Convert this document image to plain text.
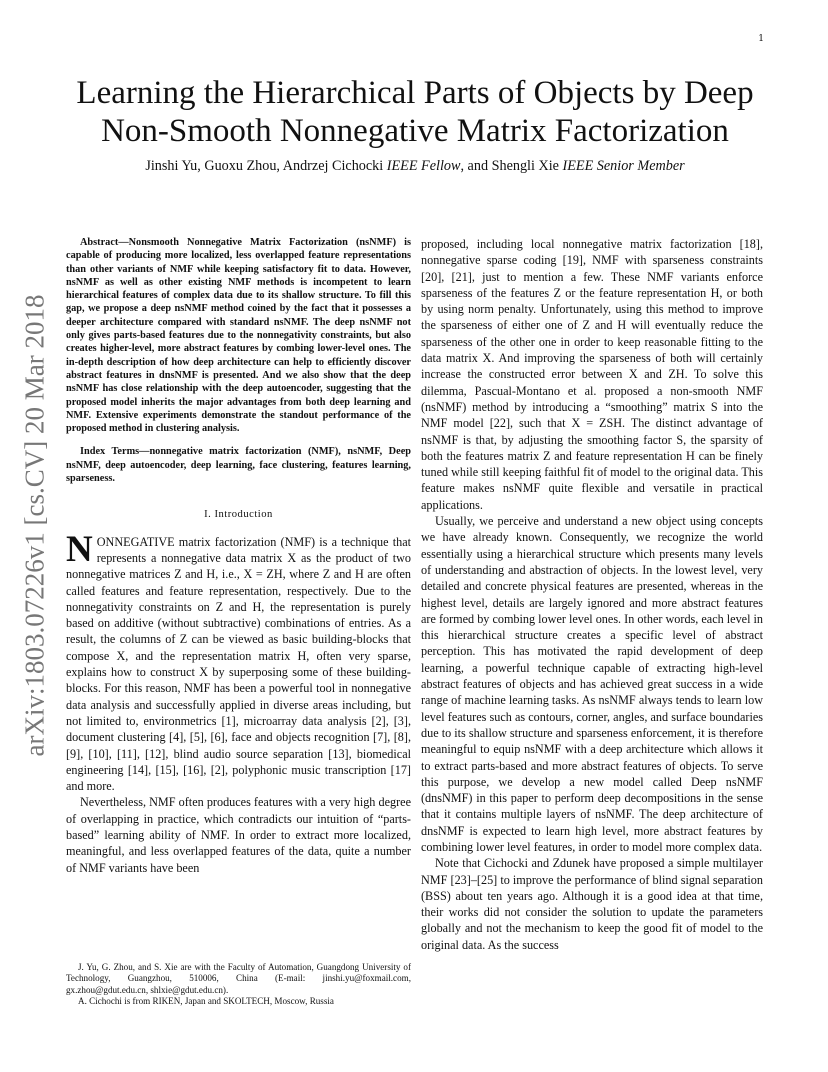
1
arXiv:1803.07226v1 [cs.CV] 20 Mar 2018
Learning the Hierarchical Parts of Objects by Deep Non-Smooth Nonnegative Matrix Factorization
Jinshi Yu, Guoxu Zhou, Andrzej Cichocki IEEE Fellow, and Shengli Xie IEEE Senior Member
Abstract—Nonsmooth Nonnegative Matrix Factorization (nsNMF) is capable of producing more localized, less overlapped feature representations than other variants of NMF while keeping satisfactory fit to data. However, nsNMF as well as other existing NMF methods is incompetent to learn hierarchical features of complex data due to its shallow structure. To fill this gap, we propose a deep nsNMF method coined by the fact that it possesses a deeper architecture compared with standard nsNMF. The deep nsNMF not only gives parts-based features due to the nonnegativity constraints, but also creates higher-level, more abstract features by combing lower-level ones. The in-depth description of how deep architecture can help to efficiently discover abstract features in dnsNMF is presented. And we also show that the deep nsNMF has close relationship with the deep autoencoder, suggesting that the proposed model inherits the major advantages from both deep learning and NMF. Extensive experiments demonstrate the standout performance of the proposed method in clustering analysis.
Index Terms—nonnegative matrix factorization (NMF), nsNMF, Deep nsNMF, deep autoencoder, deep learning, face clustering, features learning, sparseness.
I. Introduction

NONNEGATIVE matrix factorization (NMF) is a technique that represents a nonnegative data matrix X as the product of two nonnegative matrices Z and H, i.e., X = ZH, where Z and H are often called features and feature representation, respectively. Due to the nonnegativity constraints on Z and H, the representation is purely based on additive (without subtractive) combinations of entries. As a result, the columns of Z can be viewed as basic building-blocks that compose X, and the representation matrix H, often very sparse, explains how to construct X by superposing some of these building-blocks. For this reason, NMF has been a powerful tool in nonnegative data analysis and successfully applied in diverse areas including, but not limited to, environmetrics [1], microarray data analysis [2], [3], document clustering [4], [5], [6], face and objects recognition [7], [8], [9], [10], [11], [12], blind audio source separation [13], biomedical engineering [14], [15], [16], [2], polyphonic music transcription [17] and more.

Nevertheless, NMF often produces features with a very high degree of overlapping in practice, which contradicts our intuition of “parts-based” learning ability of NMF. In order to extract more localized, meaningful, and less overlapped features of the data, quite a number of NMF variants have been

J. Yu, G. Zhou, and S. Xie are with the Faculty of Automation, Guangdong University of Technology, Guangzhou, 510006, China (E-mail: jinshi.yu@foxmail.com, gx.zhou@gdut.edu.cn, shlxie@gdut.edu.cn).

A. Cichochi is from RIKEN, Japan and SKOLTECH, Moscow, Russia

proposed, including local nonnegative matrix factorization [18], nonnegative sparse coding [19], NMF with sparseness constraints [20], [21], just to mention a few. These NMF variants enforce sparseness of the features Z or the feature representation H, or both by using norm penalty. Unfortunately, using this method to improve the sparseness of either one of Z and H will eventually reduce the sparseness of the other one in order to keep reasonable fitting to the data matrix X. And improving the sparseness of both will certainly increase the constructed error between X and ZH. To solve this dilemma, Pascual-Montano et al. proposed a non-smooth NMF (nsNMF) method by introducing a “smoothing” matrix S into the NMF model [22], such that X = ZSH. The distinct advantage of nsNMF is that, by adjusting the smoothing factor S, the sparsity of both the features matrix Z and feature representation H can be finely tuned while still keeping faithful fit of model to the original data. This feature makes nsNMF quite flexible and versatile in practical applications.

Usually, we perceive and understand a new object using concepts we have already known. Consequently, we recognize the world essentially using a hierarchical structure which presents many levels of understanding and abstraction of objects. In the lowest level, very detailed and concrete physical features are presented, whereas in the highest level, details are largely ignored and more abstract features are formed by combing lower level ones. In other words, each level in this hierarchical structure creates a specific level of abstract perception. This has motivated the rapid development of deep learning, a powerful technique capable of extracting high-level abstract features of objects and has achieved great success in a wide range of machine learning tasks. As nsNMF always tends to learn low level features such as contours, corner, angles, and surface boundaries due to its shallow structure and sparseness enforcement, it is therefore meaningful to equip nsNMF with a deep architecture which allows it to extract parts-based and more abstract features of objects. To serve this purpose, we develop a new model called Deep nsNMF (dnsNMF) in this paper to perform deep decompositions in the sense that it contains multiple layers of nsNMF. The deep architecture of dnsNMF is expected to learn high level, more abstract features by combining lower level features, in order to model more complex data.

Note that Cichocki and Zdunek have proposed a simple multilayer NMF [23]–[25] to improve the performance of blind signal separation (BSS) about ten years ago. Although it is a good idea at that time, their works did not consider the solution to update the parameters globally and not the mechanism to keep the good fit of model to the original data. As the success
